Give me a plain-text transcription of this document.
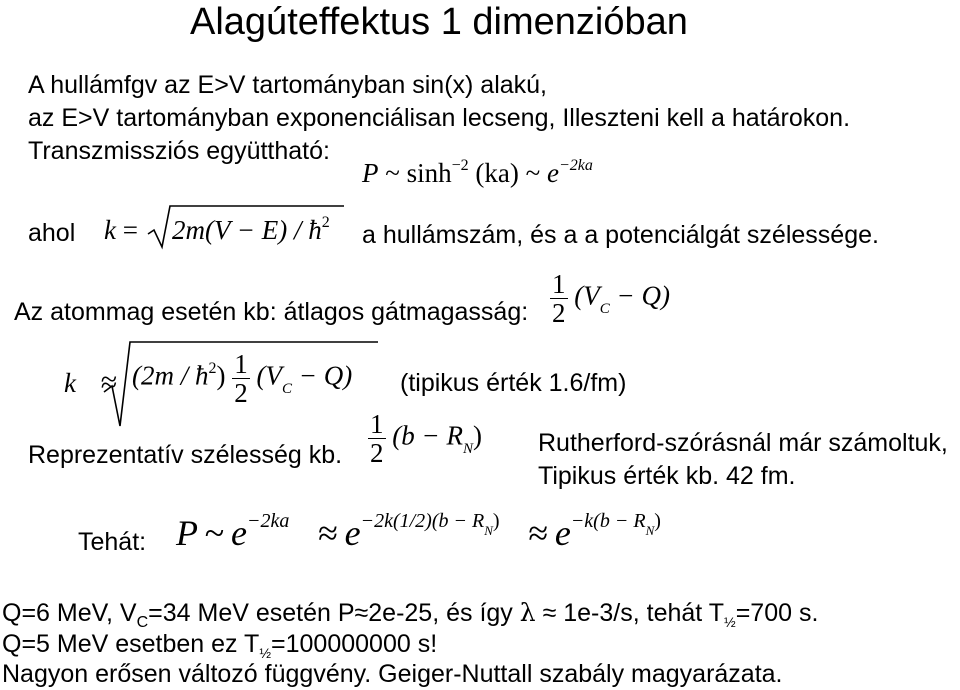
Alagúteffektus 1 dimenzióban
A hullámfgv az E>V tartományban sin(x) alakú,
az E>V tartományban exponenciálisan lecseng, Illeszteni kell a határokon.
Transzmissziós együttható:
P ~ $\sinh^{-2} (ka)$ ~ $e^{-2ka}$
ahol $k = 2m(V - E) / ħ^2$ a hullámszám, és a a potenciálgát szélessége.
Az atommag esetén kb: átlagos gátmagasság: $\frac{1}{2} (V_C - Q)$
$k \approx (2m / ħ^2) \frac{1}{2} (V_C - Q)$ (tipikus érték 1.6/fm)
Reprezentatív szélesség kb. $\frac{1}{2} (b - R_N)$ Rutherford-szórásnál már számoltuk,
Tipikus érték kb. 42 fm.
Tehát: P ~ $e^{-2ka} \approx e^{-2k(1/2)(b - RN)} \approx e^{-k(b - RN)}$
Q=6 MeV, $V_C=34$ MeV esetén P≈2e-25, és így λ ≈ 1e-3/s, tehát $T_{\frac{1}{2}}=700$ s.
Q=5 MeV esetben ez $T_{\frac{1}{2}}=100000000$ s!
Nagyon erősen változó függvény. Geiger-Nuttall szabály magyarázata.
